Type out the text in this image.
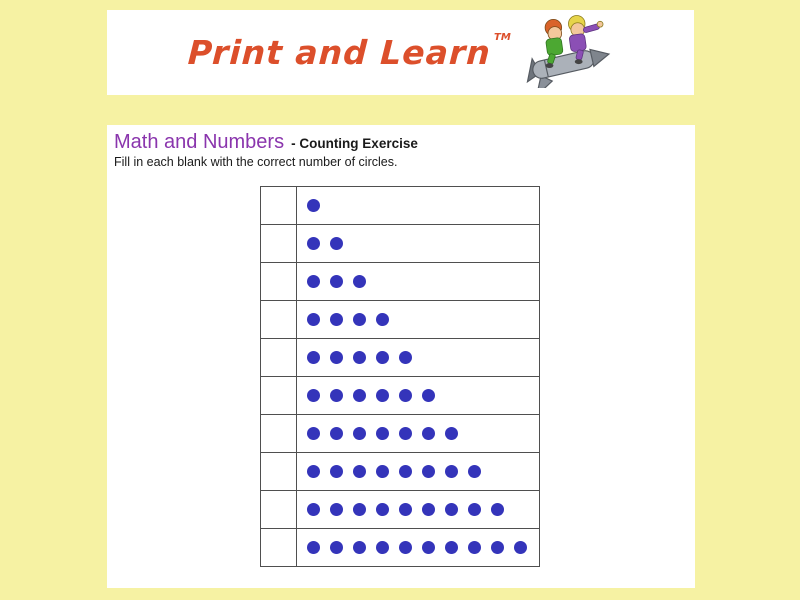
Print and Learn TM
Math and Numbers - Counting Exercise
Fill in each blank with the correct number of circles.
